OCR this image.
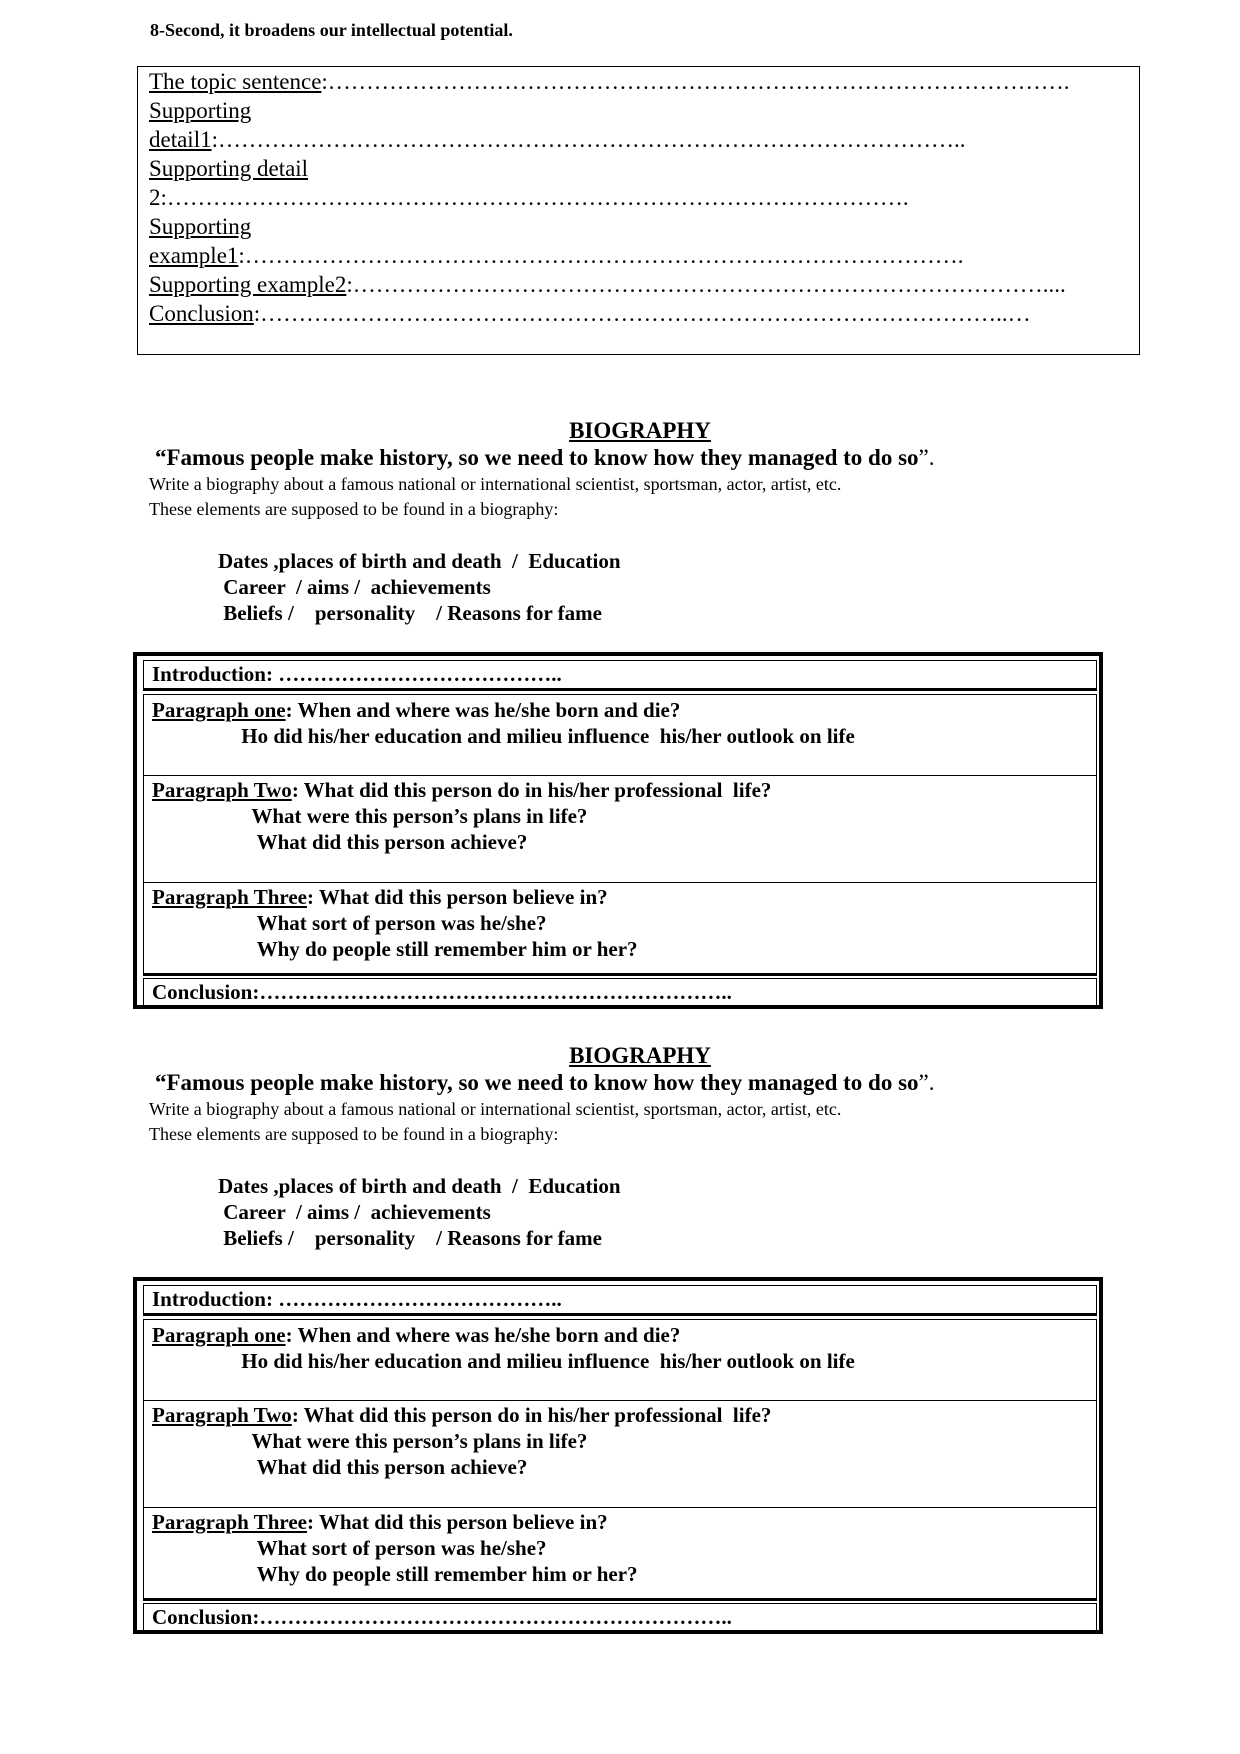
8-Second, it broadens our intellectual potential.
The topic sentence:…………………………………………………………………………………….
Supporting
detail1:……………………………………………………………………………………..
Supporting detail
2:…………………………………………………………………………………….
Supporting
example1:………………………………………………………………………………….
Supporting example2:………………………………………………………………………………....
Conclusion:……………………………………………………………………………………..…
BIOGRAPHY
“Famous people make history, so we need to know how they managed to do so”.
Write a biography about a famous national or international scientist, sportsman, actor, artist, etc.
These elements are supposed to be found in a biography:
Dates ,places of birth and death  /  Education
Career  / aims /  achievements
Beliefs /    personality    / Reasons for fame
Introduction: …………………………………..
Paragraph one: When and where was he/she born and die?
Ho did his/her education and milieu influence  his/her outlook on life
Paragraph Two: What did this person do in his/her professional  life?
What were this person’s plans in life?
What did this person achieve?
Paragraph Three: What did this person believe in?
What sort of person was he/she?
Why do people still remember him or her?
Conclusion:…………………………………………………………..
BIOGRAPHY
“Famous people make history, so we need to know how they managed to do so”.
Write a biography about a famous national or international scientist, sportsman, actor, artist, etc.
These elements are supposed to be found in a biography:
Dates ,places of birth and death  /  Education
Career  / aims /  achievements
Beliefs /    personality    / Reasons for fame
Introduction: …………………………………..
Paragraph one: When and where was he/she born and die?
Ho did his/her education and milieu influence  his/her outlook on life
Paragraph Two: What did this person do in his/her professional  life?
What were this person’s plans in life?
What did this person achieve?
Paragraph Three: What did this person believe in?
What sort of person was he/she?
Why do people still remember him or her?
Conclusion:…………………………………………………………..
